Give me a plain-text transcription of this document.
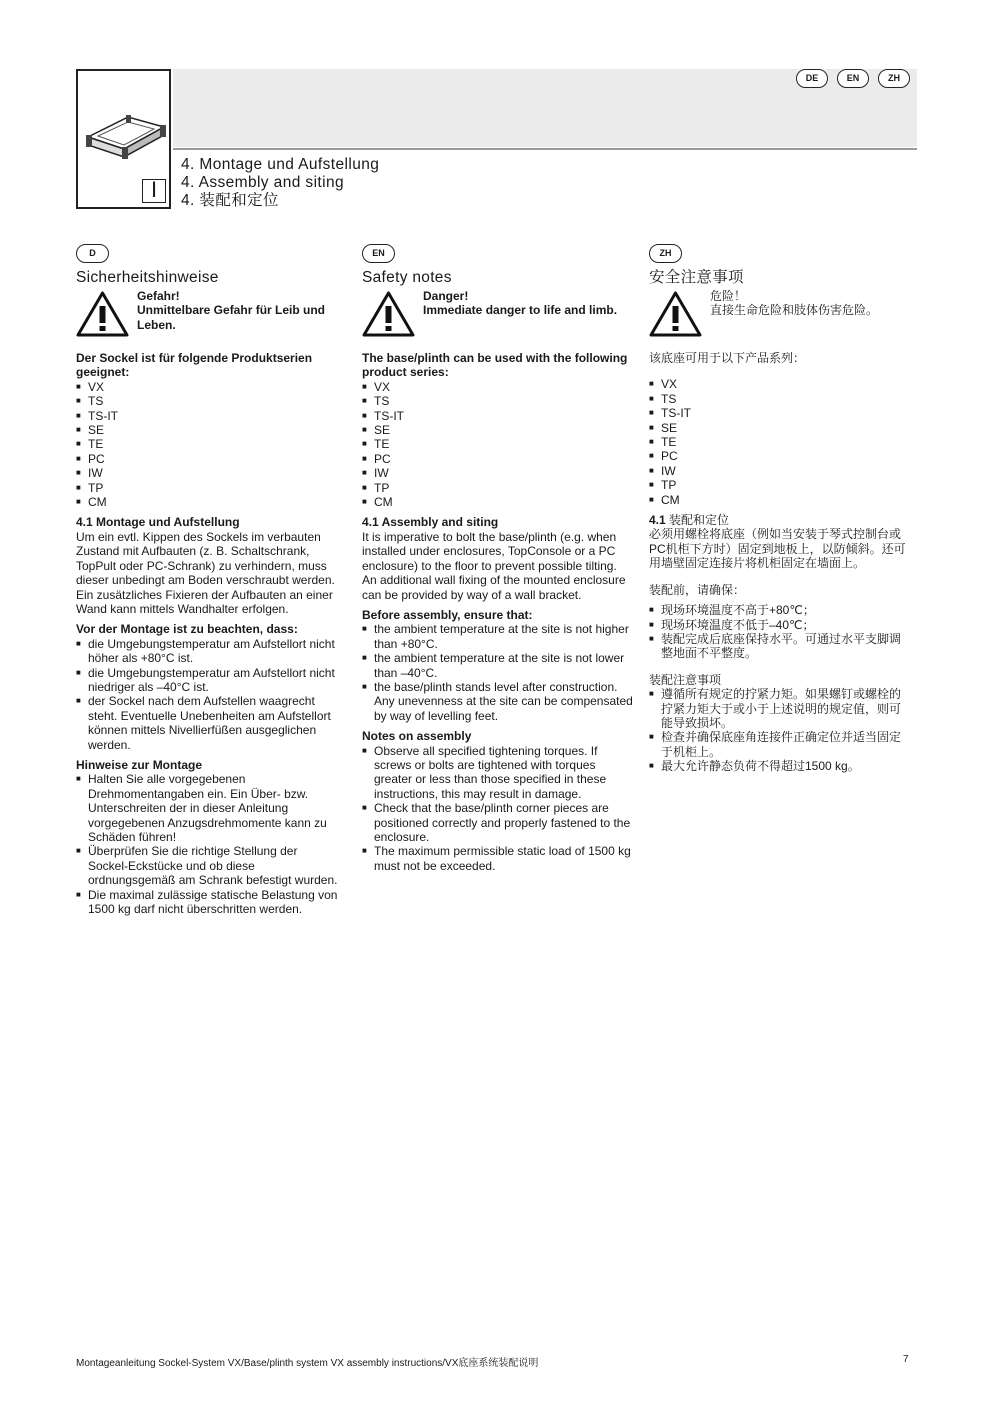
I
DE	EN	ZH
4. Montage und Aufstellung
4. Assembly and siting
4. 装配和定位
D
Sicherheitshinweise
Gefahr!
Unmittelbare Gefahr für Leib und Leben.

Der Sockel ist für folgende Produktserien geeignet:

■ VX
■ TS
■ TS-IT
■ SE
■ TE
■ PC
■ IW
■ TP
■ CM

4.1 Montage und Aufstellung

Um ein evtl. Kippen des Sockels im verbauten Zustand mit Aufbauten (z. B. Schaltschrank, TopPult oder PC-Schrank) zu verhindern, muss dieser unbedingt am Boden verschraubt werden. Ein zusätzliches Fixieren der Aufbauten an einer Wand kann mittels Wandhalter erfolgen.

Vor der Montage ist zu beachten, dass:

■ die Umgebungstemperatur am Aufstellort nicht höher als +80°C ist.
■ die Umgebungstemperatur am Aufstellort nicht niedriger als –40°C ist.
■ der Sockel nach dem Aufstellen waagrecht steht. Eventuelle Unebenheiten am Aufstellort können mittels Nivellierfüßen ausgeglichen werden.

Hinweise zur Montage

■ Halten Sie alle vorgegebenen Drehmomentangaben ein. Ein Über- bzw. Unterschreiten der in dieser Anleitung vorgegebenen Anzugsdrehmomente kann zu Schäden führen!
■ Überprüfen Sie die richtige Stellung der Sockel-Eckstücke und ob diese ordnungsgemäß am Schrank befestigt wurden.
■ Die maximal zulässige statische Belastung von 1500 kg darf nicht überschritten werden.
EN
Safety notes
Danger!
Immediate danger to life and limb.

The base/plinth can be used with the following product series:

■ VX
■ TS
■ TS-IT
■ SE
■ TE
■ PC
■ IW
■ TP
■ CM

4.1 Assembly and siting

It is imperative to bolt the base/plinth (e.g. when installed under enclosures, TopConsole or a PC enclosure) to the floor to prevent possible tilting. An additional wall fixing of the mounted enclosure can be provided by way of a wall bracket.

Before assembly, ensure that:

■ the ambient temperature at the site is not higher than +80°C.
■ the ambient temperature at the site is not lower than –40°C.
■ the base/plinth stands level after construction. Any unevenness at the site can be compensated by way of levelling feet.

Notes on assembly

■ Observe all specified tightening torques. If screws or bolts are tightened with torques greater or less than those specified in these instructions, this may result in damage.
■ Check that the base/plinth corner pieces are positioned correctly and properly fastened to the enclosure.
■ The maximum permissible static load of 1500 kg must not be exceeded.
ZH
安全注意事项
危险！
直接生命危险和肢体伤害危险。

该底座可用于以下产品系列：

■ VX
■ TS
■ TS-IT
■ SE
■ TE
■ PC
■ IW
■ TP
■ CM

4.1 装配和定位

必须用螺栓将底座（例如当安装于琴式控制台或PC机柜下方时）固定到地板上，以防倾斜。还可用墙壁固定连接片将机柜固定在墙面上。

装配前，请确保：

■ 现场环境温度不高于+80℃；
■ 现场环境温度不低于–40℃；
■ 装配完成后底座保持水平。可通过水平支脚调整地面不平整度。

装配注意事项

■ 遵循所有规定的拧紧力矩。如果螺钉或螺栓的拧紧力矩大于或小于上述说明的规定值，则可能导致损坏。
■ 检查并确保底座角连接件正确定位并适当固定于机柜上。
■ 最大允许静态负荷不得超过1500 kg。
Montageanleitung Sockel-System VX/Base/plinth system VX assembly instructions/VX底座系统装配说明	7
